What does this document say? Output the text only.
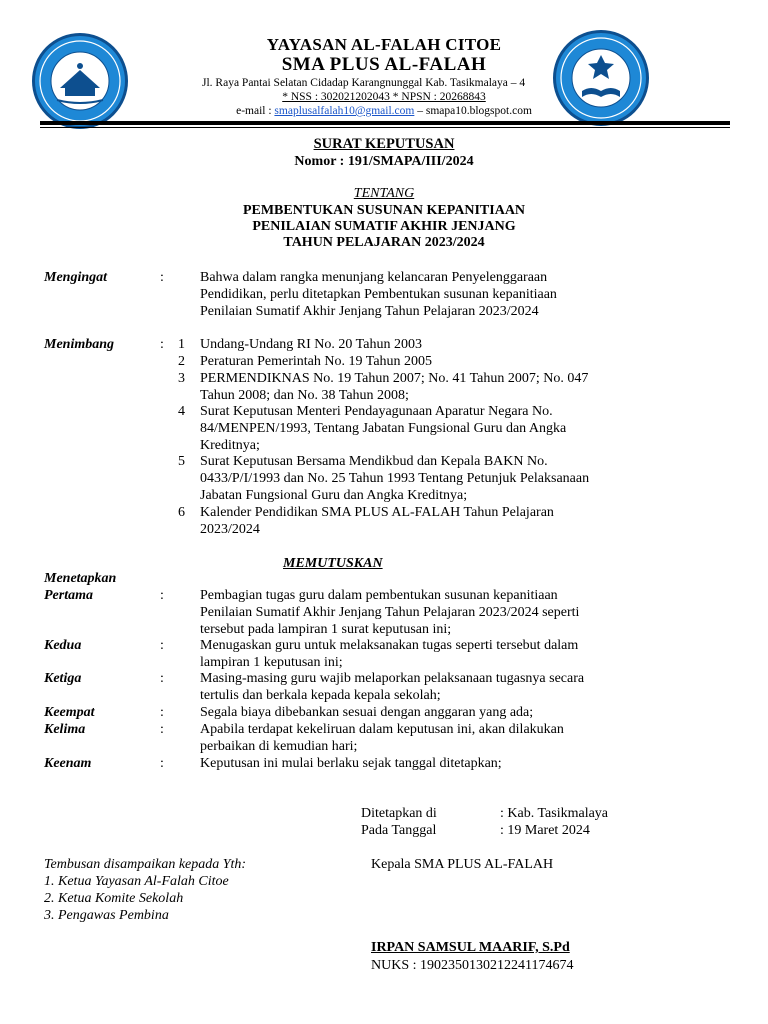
YAYASAN AL-FALAH CITOE
SMA PLUS AL-FALAH
Jl. Raya Pantai Selatan Cidadap Karangnunggal Kab. Tasikmalaya – 4
* NSS : 302021202043 * NPSN : 20268843
e-mail : smaplusalfalah10@gmail.com – smapa10.blogspot.com
SURAT KEPUTUSAN
Nomor : 191/SMAPA/III/2024
TENTANG
PEMBENTUKAN SUSUNAN KEPANITIAAN
PENILAIAN SUMATIF AKHIR JENJANG
TAHUN PELAJARAN 2023/2024
Mengingat	:	Bahwa dalam rangka menunjang kelancaran Penyelenggaraan
Pendidikan, perlu ditetapkan Pembentukan susunan kepanitiaan
Penilaian Sumatif Akhir Jenjang Tahun Pelajaran 2023/2024
Menimbang	: 1 Undang-Undang RI No. 20 Tahun 2003
2 Peraturan Pemerintah No. 19 Tahun 2005
3 PERMENDIKNAS No. 19 Tahun 2007; No. 41 Tahun 2007; No. 047
Tahun 2008; dan No. 38 Tahun 2008;
4 Surat Keputusan Menteri Pendayagunaan Aparatur Negara No.
84/MENPEN/1993, Tentang Jabatan Fungsional Guru dan Angka
Kreditnya;
5 Surat Keputusan Bersama Mendikbud dan Kepala BAKN No.
0433/P/I/1993 dan No. 25 Tahun 1993 Tentang Petunjuk Pelaksanaan
Jabatan Fungsional Guru dan Angka Kreditnya;
6 Kalender Pendidikan SMA PLUS AL-FALAH Tahun Pelajaran
2023/2024
MEMUTUSKAN
Menetapkan
Pertama	:	Pembagian tugas guru dalam pembentukan susunan kepanitiaan
Penilaian Sumatif Akhir Jenjang Tahun Pelajaran 2023/2024 seperti
tersebut pada lampiran 1 surat keputusan ini;
Kedua	:	Menugaskan guru untuk melaksanakan tugas seperti tersebut dalam
lampiran 1 keputusan ini;
Ketiga	:	Masing-masing guru wajib melaporkan pelaksanaan tugasnya secara
tertulis dan berkala kepada kepala sekolah;
Keempat	:	Segala biaya dibebankan sesuai dengan anggaran yang ada;
Kelima	:	Apabila terdapat kekeliruan dalam keputusan ini, akan dilakukan
perbaikan di kemudian hari;
Keenam	:	Keputusan ini mulai berlaku sejak tanggal ditetapkan;
Ditetapkan di	: Kab. Tasikmalaya
Pada Tanggal	: 19 Maret 2024
Kepala SMA PLUS AL-FALAH
IRPAN SAMSUL MAARIF, S.Pd
NUKS : 1902350130212241174674
Tembusan disampaikan kepada Yth:
1. Ketua Yayasan Al-Falah Citoe
2. Ketua Komite Sekolah
3. Pengawas Pembina
